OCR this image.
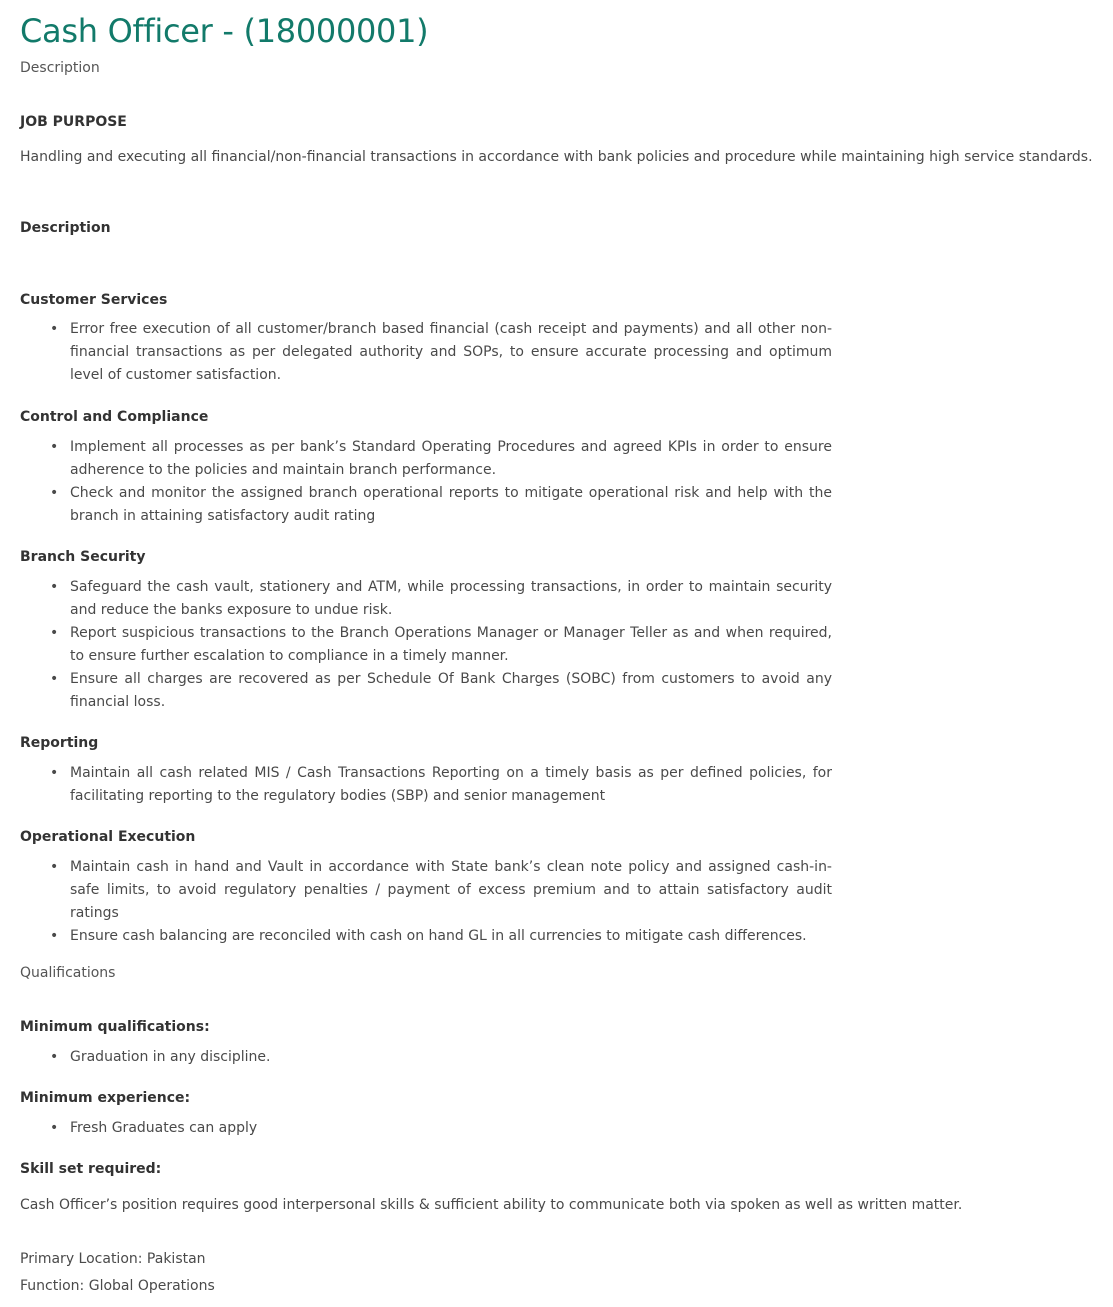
Cash Officer - (18000001)

Description

JOB PURPOSE

Handling and executing all financial/non-financial transactions in accordance with bank policies and procedure while maintaining high service standards.

Description

Customer Services

• Error free execution of all customer/branch based financial (cash receipt and payments) and all other non-financial transactions as per delegated authority and SOPs, to ensure accurate processing and optimum level of customer satisfaction.

Control and Compliance

• Implement all processes as per bank’s Standard Operating Procedures and agreed KPIs in order to ensure adherence to the policies and maintain branch performance.
• Check and monitor the assigned branch operational reports to mitigate operational risk and help with the branch in attaining satisfactory audit rating

Branch Security

• Safeguard the cash vault, stationery and ATM, while processing transactions, in order to maintain security and reduce the banks exposure to undue risk.
• Report suspicious transactions to the Branch Operations Manager or Manager Teller as and when required, to ensure further escalation to compliance in a timely manner.
• Ensure all charges are recovered as per Schedule Of Bank Charges (SOBC) from customers to avoid any financial loss.

Reporting

• Maintain all cash related MIS / Cash Transactions Reporting on a timely basis as per defined policies, for facilitating reporting to the regulatory bodies (SBP) and senior management

Operational Execution

• Maintain cash in hand and Vault in accordance with State bank’s clean note policy and assigned cash-in-safe limits, to avoid regulatory penalties / payment of excess premium and to attain satisfactory audit ratings
• Ensure cash balancing are reconciled with cash on hand GL in all currencies to mitigate cash differences.

Qualifications

Minimum qualifications:

• Graduation in any discipline.

Minimum experience:

• Fresh Graduates can apply

Skill set required:

Cash Officer’s position requires good interpersonal skills & sufficient ability to communicate both via spoken as well as written matter.

Primary Location: Pakistan

Function: Global Operations
